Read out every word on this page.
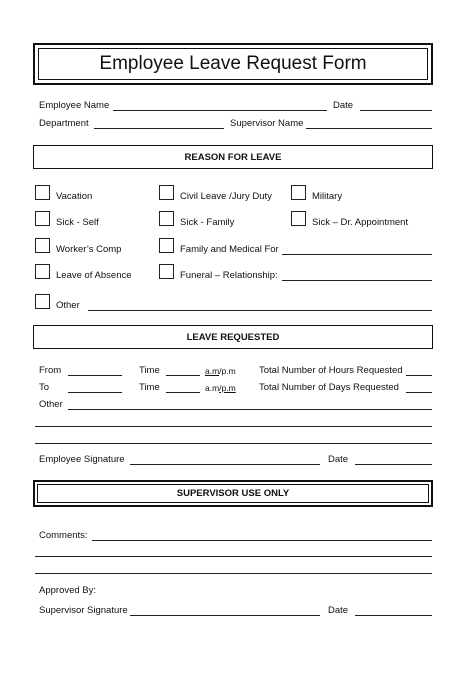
Employee Leave Request Form
Employee Name	Date
Department	Supervisor Name
REASON FOR LEAVE
Vacation	Civil Leave /Jury Duty	Military
Sick - Self	Sick - Family	Sick – Dr. Appointment
Worker’s Comp	Family and Medical For
Leave of Absence	Funeral – Relationship:
Other
LEAVE REQUESTED
From	Time	a.m/p.m Total Number of Hours Requested
To	Time	a.m/p.m Total Number of Days Requested
Other
Employee Signature	Date
SUPERVISOR USE ONLY
Comments:
Approved By:
Supervisor Signature	Date
